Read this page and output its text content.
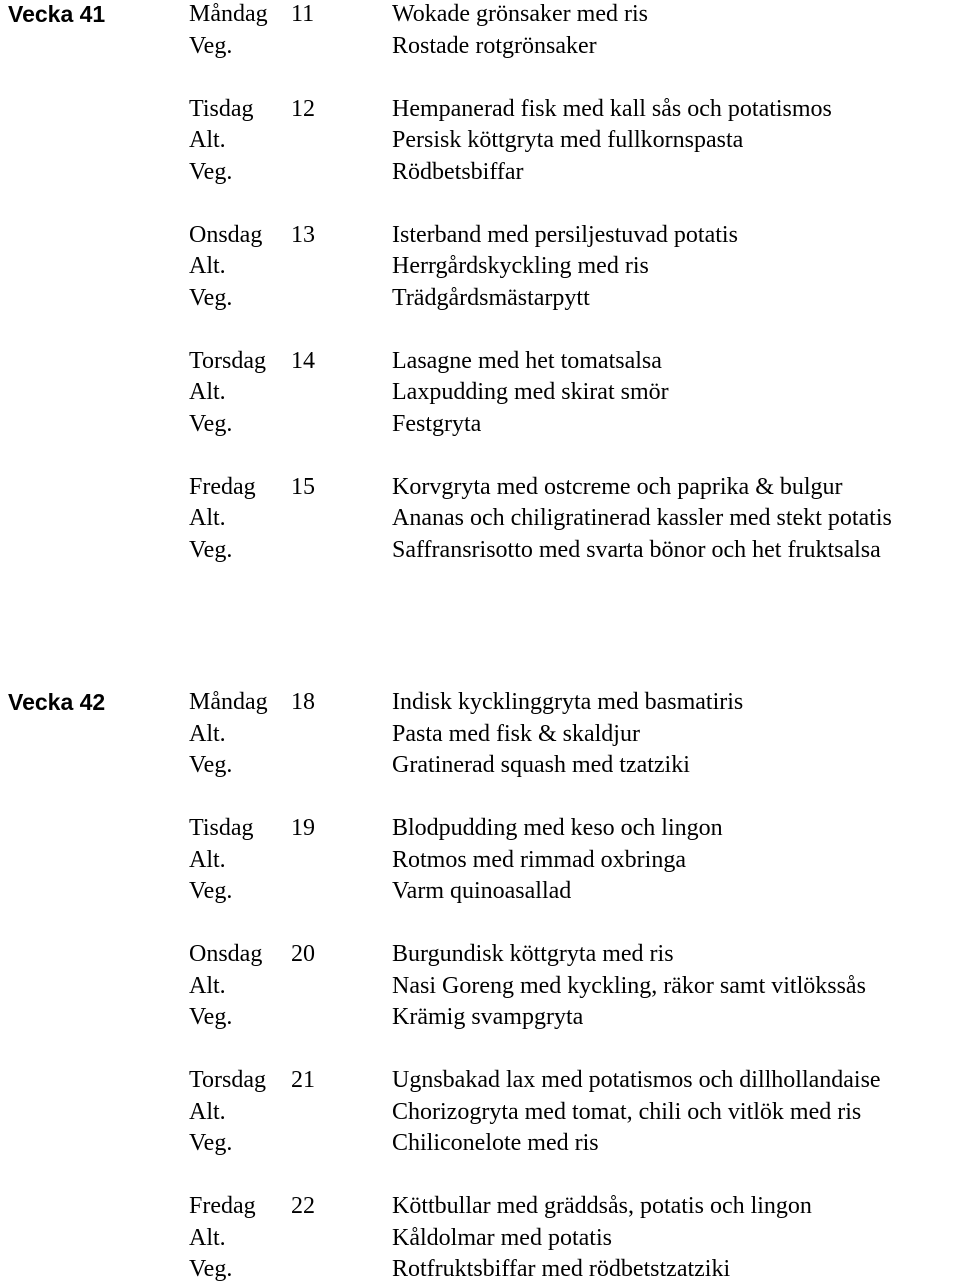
Vecka 41	Måndag 11	Wokade grönsaker med ris
Veg.	Rostade rotgrönsaker
Tisdag 12	Hempanerad fisk med kall sås och potatismos
Alt.	Persisk köttgryta med fullkornspasta
Veg.	Rödbetsbiffar
Onsdag 13	Isterband med persiljestuvad potatis
Alt.	Herrgårdskyckling med ris
Veg.	Trädgårdsmästarpytt
Torsdag 14	Lasagne med het tomatsalsa
Alt.	Laxpudding med skirat smör
Veg.	Festgryta
Fredag 15	Korvgryta med ostcreme och paprika & bulgur
Alt.	Ananas och chiligratinerad kassler med stekt potatis
Veg.	Saffransrisotto med svarta bönor och het fruktsalsa
Vecka 42	Måndag 18	Indisk kycklinggryta med basmatiris
Alt.	Pasta med fisk & skaldjur
Veg.	Gratinerad squash med tzatziki
Tisdag 19	Blodpudding med keso och lingon
Alt.	Rotmos med rimmad oxbringa
Veg.	Varm quinoasallad
Onsdag 20	Burgundisk köttgryta med ris
Alt.	Nasi Goreng med kyckling, räkor samt vitlökssås
Veg.	Krämig svampgryta
Torsdag 21	Ugnsbakad lax med potatismos och dillhollandaise
Alt.	Chorizogryta med tomat, chili och vitlök med ris
Veg.	Chiliconelote med ris
Fredag 22	Köttbullar med gräddsås, potatis och lingon
Alt.	Kåldolmar med potatis
Veg.	Rotfruktsbiffar med rödbetstzatziki
